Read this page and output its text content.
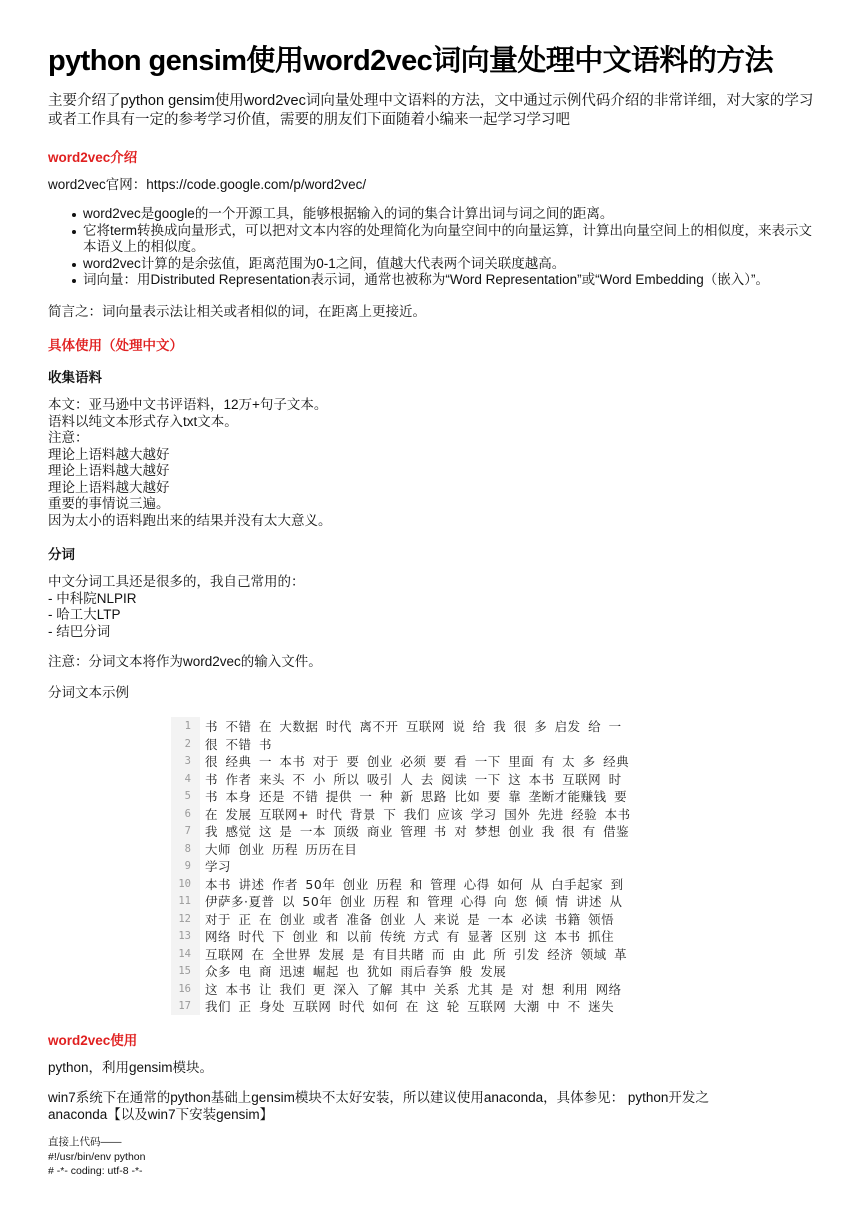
python gensim使用word2vec词向量处理中文语料的方法

主要介绍了python gensim使用word2vec词向量处理中文语料的方法，文中通过示例代码介绍的非常详细，对大家的学习或者工作具有一定的参考学习价值，需要的朋友们下面随着小编来一起学习学习吧

word2vec介绍
word2vec官网：https://code.google.com/p/word2vec/
word2vec是google的一个开源工具，能够根据输入的词的集合计算出词与词之间的距离。
它将term转换成向量形式，可以把对文本内容的处理简化为向量空间中的向量运算，计算出向量空间上的相似度，来表示文本语义上的相似度。
word2vec计算的是余弦值，距离范围为0-1之间，值越大代表两个词关联度越高。
词向量：用Distributed Representation表示词，通常也被称为“Word Representation”或“Word Embedding（嵌入）”。
简言之：词向量表示法让相关或者相似的词，在距离上更接近。
具体使用（处理中文）
收集语料
本文：亚马逊中文书评语料，12万+句子文本。
语料以纯文本形式存入txt文本。
注意：
理论上语料越大越好
理论上语料越大越好
理论上语料越大越好
重要的事情说三遍。
因为太小的语料跑出来的结果并没有太大意义。
分词
中文分词工具还是很多的，我自己常用的：
- 中科院NLPIR
- 哈工大LTP
- 结巴分词
注意：分词文本将作为word2vec的输入文件。
分词文本示例
1 书 不错 在 大数据 时代 离不开 互联网 说 给 我 很 多 启发 给 一
2 很 不错 书
3 很 经典 一 本书 对于 要 创业 必须 要 看 一下 里面 有 太 多 经典
4 书 作者 来头 不 小 所以 吸引 人 去 阅读 一下 这 本书 互联网 时
5 书 本身 还是 不错 提供 一 种 新 思路 比如 要 靠 垄断才能赚钱 要
6 在 发展 互联网+ 时代 背景 下 我们 应该 学习 国外 先进 经验 本书
7 我 感觉 这 是 一本 顶级 商业 管理 书 对 梦想 创业 我 很 有 借鉴
8 大师 创业 历程 历历在目
9 学习
10 本书 讲述 作者 50年 创业 历程 和 管理 心得 如何 从 白手起家 到
11 伊萨多·夏普 以 50年 创业 历程 和 管理 心得 向 您 倾 情 讲述 从
12 对于 正 在 创业 或者 准备 创业 人 来说 是 一本 必读 书籍 领悟
13 网络 时代 下 创业 和 以前 传统 方式 有 显著 区别 这 本书 抓住
14 互联网 在 全世界 发展 是 有目共睹 而 由 此 所 引发 经济 领域 革
15 众多 电 商 迅速 崛起 也 犹如 雨后春笋 般 发展
16 这 本书 让 我们 更 深入 了解 其中 关系 尤其 是 对 想 利用 网络
17 我们 正 身处 互联网 时代 如何 在 这 轮 互联网 大潮 中 不 迷失
word2vec使用
python，利用gensim模块。
win7系统下在通常的python基础上gensim模块不太好安装，所以建议使用anaconda，具体参见： python开发之
anaconda【以及win7下安装gensim】
直接上代码——
#!/usr/bin/env python
# -*- coding: utf-8 -*-
